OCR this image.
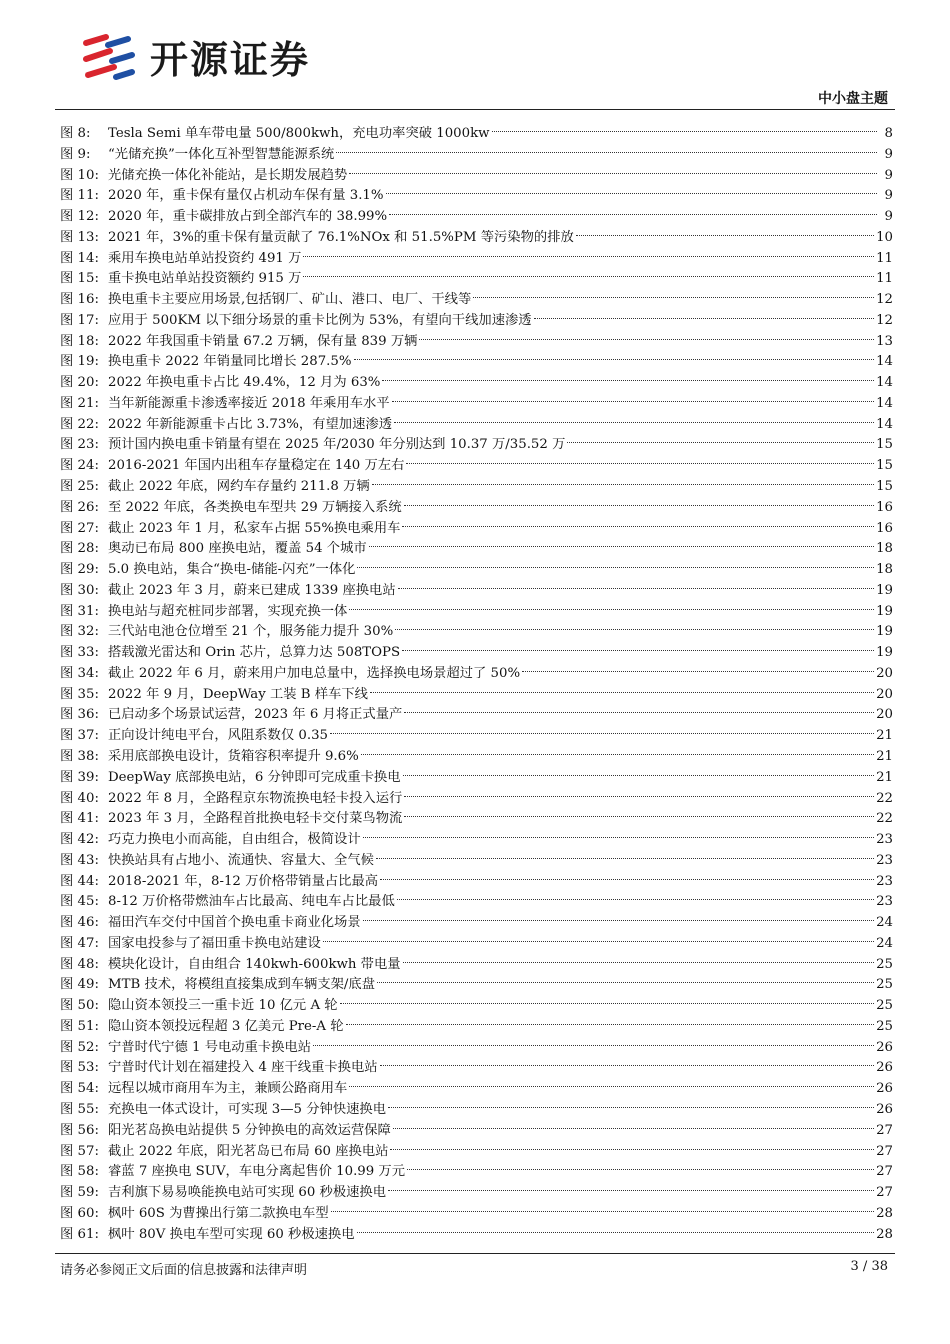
开源证券
中小盘主题
图 8:	Tesla Semi 单车带电量 500/800kwh，充电功率突破 1000kw	8
图 9:	“光储充换”一体化互补型智慧能源系统	9
图 10: 光储充换一体化补能站，是长期发展趋势	9
图 11: 2020 年，重卡保有量仅占机动车保有量 3.1%	9
图 12: 2020 年，重卡碳排放占到全部汽车的 38.99%	9
图 13: 2021 年，3%的重卡保有量贡献了 76.1%NOx 和 51.5%PM 等污染物的排放	10
图 14: 乘用车换电站单站投资约 491 万	11
图 15: 重卡换电站单站投资额约 915 万	11
图 16: 换电重卡主要应用场景,包括钢厂、矿山、港口、电厂、干线等	12
图 17: 应用于 500KM 以下细分场景的重卡比例为 53%，有望向干线加速渗透	12
图 18: 2022 年我国重卡销量 67.2 万辆，保有量 839 万辆	13
图 19: 换电重卡 2022 年销量同比增长 287.5%	14
图 20: 2022 年换电重卡占比 49.4%，12 月为 63%	14
图 21: 当年新能源重卡渗透率接近 2018 年乘用车水平	14
图 22: 2022 年新能源重卡占比 3.73%，有望加速渗透	14
图 23: 预计国内换电重卡销量有望在 2025 年/2030 年分别达到 10.37 万/35.52 万	15
图 24: 2016-2021 年国内出租车存量稳定在 140 万左右	15
图 25: 截止 2022 年底，网约车存量约 211.8 万辆	15
图 26: 至 2022 年底，各类换电车型共 29 万辆接入系统	16
图 27: 截止 2023 年 1 月，私家车占据 55%换电乘用车	16
图 28: 奥动已布局 800 座换电站，覆盖 54 个城市	18
图 29: 5.0 换电站，集合“换电-储能-闪充”一体化	18
图 30: 截止 2023 年 3 月，蔚来已建成 1339 座换电站	19
图 31: 换电站与超充桩同步部署，实现充换一体	19
图 32: 三代站电池仓位增至 21 个，服务能力提升 30%	19
图 33: 搭载激光雷达和 Orin 芯片，总算力达 508TOPS	19
图 34: 截止 2022 年 6 月，蔚来用户加电总量中，选择换电场景超过了 50%	20
图 35: 2022 年 9 月，DeepWay 工装 B 样车下线	20
图 36: 已启动多个场景试运营，2023 年 6 月将正式量产	20
图 37: 正向设计纯电平台，风阻系数仅 0.35	21
图 38: 采用底部换电设计，货箱容积率提升 9.6%	21
图 39: DeepWay 底部换电站，6 分钟即可完成重卡换电	21
图 40: 2022 年 8 月，全路程京东物流换电轻卡投入运行	22
图 41: 2023 年 3 月，全路程首批换电轻卡交付菜鸟物流	22
图 42: 巧克力换电小而高能，自由组合，极简设计	23
图 43: 快换站具有占地小、流通快、容量大、全气候	23
图 44: 2018-2021 年，8-12 万价格带销量占比最高	23
图 45: 8-12 万价格带燃油车占比最高、纯电车占比最低	23
图 46: 福田汽车交付中国首个换电重卡商业化场景	24
图 47: 国家电投参与了福田重卡换电站建设	24
图 48: 模块化设计，自由组合 140kwh-600kwh 带电量	25
图 49: MTB 技术，将模组直接集成到车辆支架/底盘	25
图 50: 隐山资本领投三一重卡近 10 亿元 A 轮	25
图 51: 隐山资本领投远程超 3 亿美元 Pre-A 轮	25
图 52: 宁普时代宁德 1 号电动重卡换电站	26
图 53: 宁普时代计划在福建投入 4 座干线重卡换电站	26
图 54: 远程以城市商用车为主，兼顾公路商用车	26
图 55: 充换电一体式设计，可实现 3—5 分钟快速换电	26
图 56: 阳光茗岛换电站提供 5 分钟换电的高效运营保障	27
图 57: 截止 2022 年底，阳光茗岛已布局 60 座换电站	27
图 58: 睿蓝 7 座换电 SUV，车电分离起售价 10.99 万元	27
图 59: 吉利旗下易易唤能换电站可实现 60 秒极速换电	27
图 60: 枫叶 60S 为曹操出行第二款换电车型	28
图 61: 枫叶 80V 换电车型可实现 60 秒极速换电	28
请务必参阅正文后面的信息披露和法律声明	3 / 38
